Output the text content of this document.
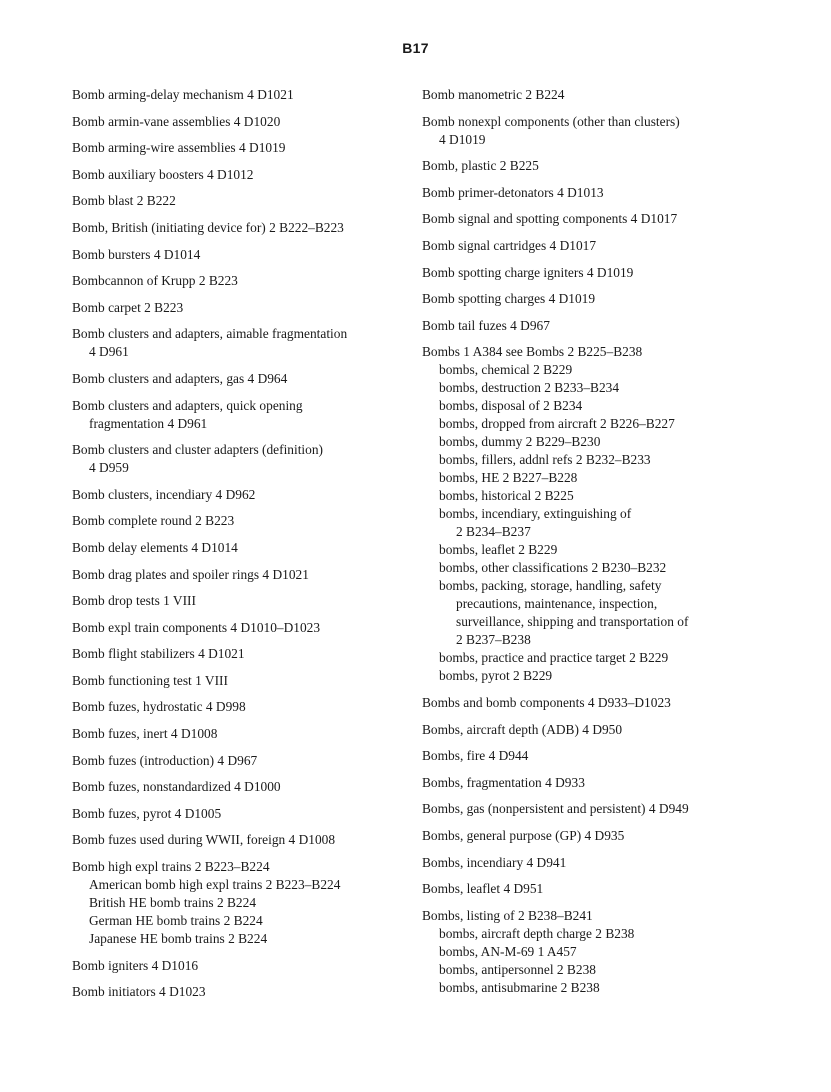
B17
Bomb arming-delay mechanism 4 D1021
Bomb armin-vane assemblies 4 D1020
Bomb arming-wire assemblies 4 D1019
Bomb auxiliary boosters 4 D1012
Bomb blast 2 B222
Bomb, British (initiating device for) 2 B222–B223
Bomb bursters 4 D1014
Bombcannon of Krupp 2 B223
Bomb carpet 2 B223
Bomb clusters and adapters, aimable fragmentation
4 D961
Bomb clusters and adapters, gas 4 D964
Bomb clusters and adapters, quick opening
fragmentation 4 D961
Bomb clusters and cluster adapters (definition)
4 D959
Bomb clusters, incendiary 4 D962
Bomb complete round 2 B223
Bomb delay elements 4 D1014
Bomb drag plates and spoiler rings 4 D1021
Bomb drop tests 1 VIII
Bomb expl train components 4 D1010–D1023
Bomb flight stabilizers 4 D1021
Bomb functioning test 1 VIII
Bomb fuzes, hydrostatic 4 D998
Bomb fuzes, inert 4 D1008
Bomb fuzes (introduction) 4 D967
Bomb fuzes, nonstandardized 4 D1000
Bomb fuzes, pyrot 4 D1005
Bomb fuzes used during WWII, foreign 4 D1008
Bomb high expl trains 2 B223–B224
American bomb high expl trains 2 B223–B224
British HE bomb trains 2 B224
German HE bomb trains 2 B224
Japanese HE bomb trains 2 B224
Bomb igniters 4 D1016
Bomb initiators 4 D1023
Bomb manometric 2 B224
Bomb nonexpl components (other than clusters)
4 D1019
Bomb, plastic 2 B225
Bomb primer-detonators 4 D1013
Bomb signal and spotting components 4 D1017
Bomb signal cartridges 4 D1017
Bomb spotting charge igniters 4 D1019
Bomb spotting charges 4 D1019
Bomb tail fuzes 4 D967
Bombs 1 A384 see Bombs 2 B225–B238
bombs, chemical 2 B229
bombs, destruction 2 B233–B234
bombs, disposal of 2 B234
bombs, dropped from aircraft 2 B226–B227
bombs, dummy 2 B229–B230
bombs, fillers, addnl refs 2 B232–B233
bombs, HE 2 B227–B228
bombs, historical 2 B225
bombs, incendiary, extinguishing of
2 B234–B237
bombs, leaflet 2 B229
bombs, other classifications 2 B230–B232
bombs, packing, storage, handling, safety
precautions, maintenance, inspection,
surveillance, shipping and transportation of
2 B237–B238
bombs, practice and practice target 2 B229
bombs, pyrot 2 B229
Bombs and bomb components 4 D933–D1023
Bombs, aircraft depth (ADB) 4 D950
Bombs, fire 4 D944
Bombs, fragmentation 4 D933
Bombs, gas (nonpersistent and persistent) 4 D949
Bombs, general purpose (GP) 4 D935
Bombs, incendiary 4 D941
Bombs, leaflet 4 D951
Bombs, listing of 2 B238–B241
bombs, aircraft depth charge 2 B238
bombs, AN-M-69 1 A457
bombs, antipersonnel 2 B238
bombs, antisubmarine 2 B238
